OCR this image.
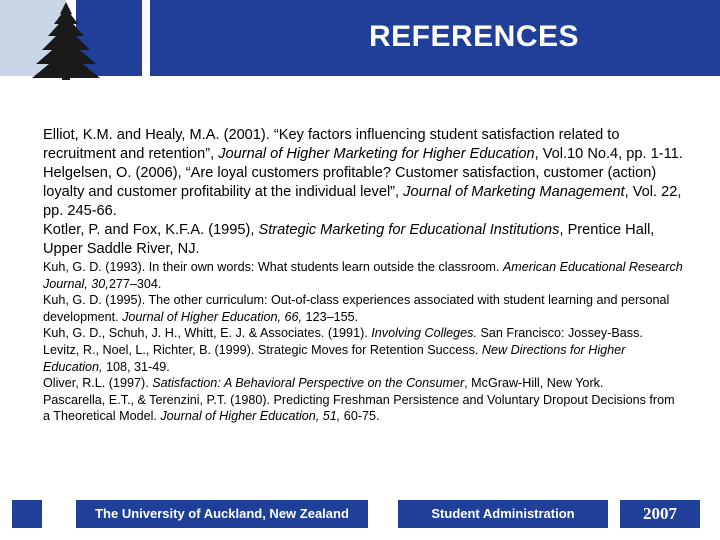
REFERENCES

Elliot, K.M. and Healy, M.A. (2001). “Key factors influencing student satisfaction related to recruitment and retention”, Journal of Higher Marketing for Higher Education, Vol.10 No.4, pp. 1-11.

Helgelsen, O. (2006), “Are loyal customers profitable? Customer satisfaction, customer (action) loyalty and customer profitability at the individual level”, Journal of Marketing Management, Vol. 22, pp. 245-66.

Kotler, P. and Fox, K.F.A. (1995), Strategic Marketing for Educational Institutions, Prentice Hall, Upper Saddle River, NJ.

Kuh, G. D. (1993). In their own words: What students learn outside the classroom. American Educational Research Journal, 30,277–304.

Kuh, G. D. (1995). The other curriculum: Out-of-class experiences associated with student learning and personal development. Journal of Higher Education, 66, 123–155.

Kuh, G. D., Schuh, J. H., Whitt, E. J. & Associates. (1991). Involving Colleges. San Francisco: Jossey-Bass.

Levitz, R., Noel, L., Richter, B. (1999). Strategic Moves for Retention Success. New Directions for Higher Education, 108, 31-49.

Oliver, R.L. (1997). Satisfaction: A Behavioral Perspective on the Consumer, McGraw-Hill, New York.

Pascarella, E.T., & Terenzini, P.T. (1980). Predicting Freshman Persistence and Voluntary Dropout Decisions from a Theoretical Model. Journal of Higher Education, 51, 60-75.

The University of Auckland, New Zealand	Student Administration	2007
